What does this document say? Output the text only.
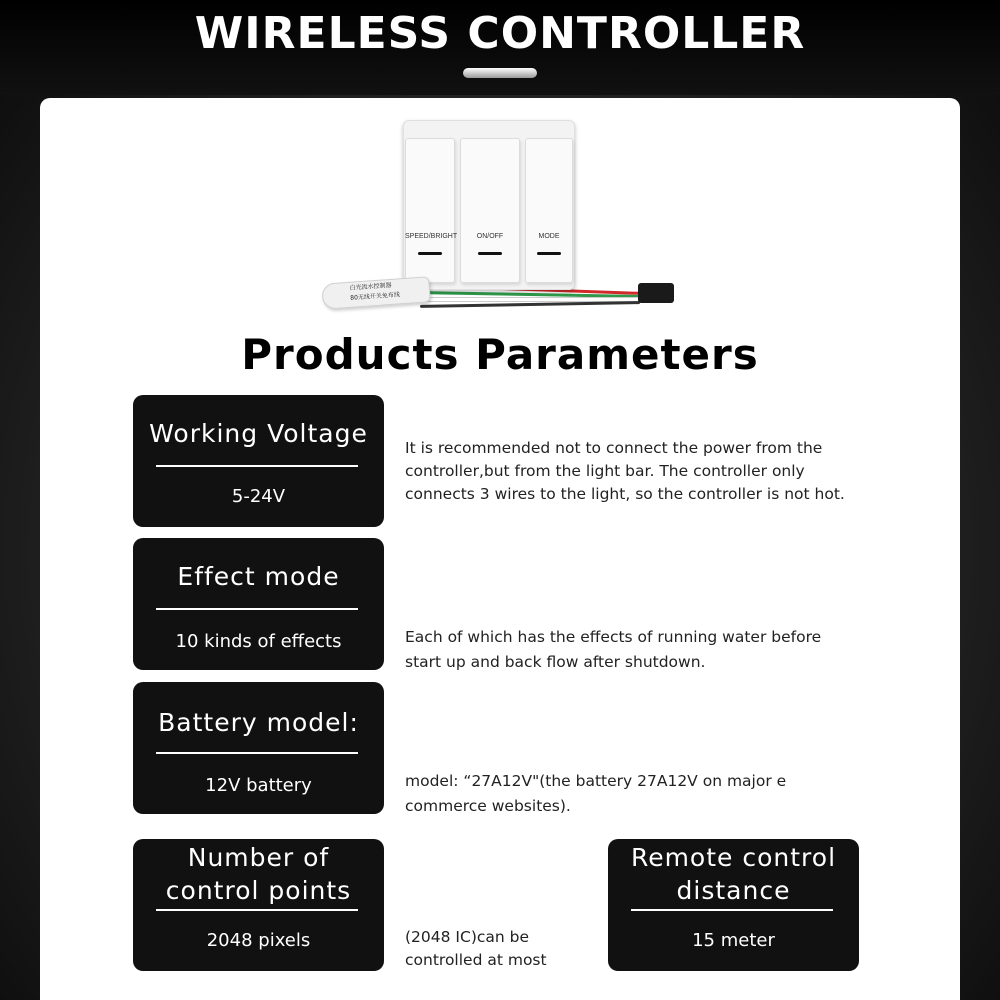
WIRELESS CONTROLLER
SPEED/BRIGHT	ON/OFF	MODE
白光流水控制器
80无线开关免布线
Products Parameters
Working Voltage
5-24V
It is recommended not to connect the power from the controller,but from the light bar. The controller only connects 3 wires to the light, so the controller is not hot.
Effect mode
10 kinds of effects	Each of which has the effects of running water before start up and back flow after shutdown.
Battery model:
12V battery	model: “27A12V"(the battery 27A12V on major e commerce websites).
Number of control points
2048 pixels	(2048 IC)can be controlled at most
Remote control distance
15 meter
